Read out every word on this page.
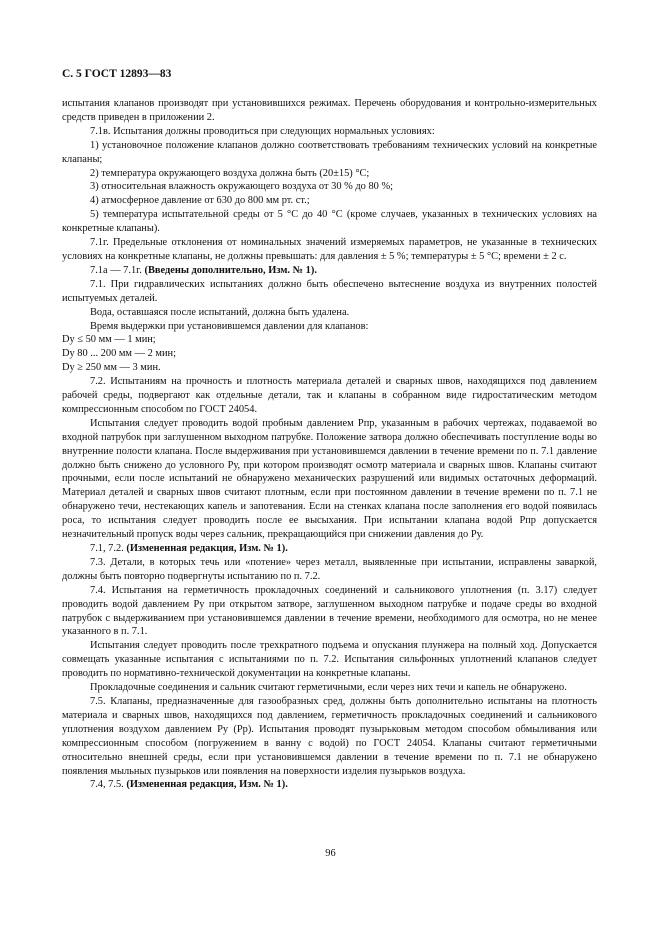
С. 5 ГОСТ 12893—83

испытания клапанов производят при установившихся режимах. Перечень оборудования и контрольно-измерительных средств приведен в приложении 2.

7.1в. Испытания должны проводиться при следующих нормальных условиях:

1) установочное положение клапанов должно соответствовать требованиям технических условий на конкретные клапаны;

2) температура окружающего воздуха должна быть (20±15) °С;

3) относительная влажность окружающего воздуха от 30 % до 80 %;

4) атмосферное давление от 630 до 800 мм рт. ст.;

5) температура испытательной среды от 5 °С до 40 °С (кроме случаев, указанных в технических условиях на конкретные клапаны).

7.1г. Предельные отклонения от номинальных значений измеряемых параметров, не указанные в технических условиях на конкретные клапаны, не должны превышать: для давления ± 5 %; температуры ± 5 °С; времени ± 2 с.

7.1а — 7.1г. (Введены дополнительно, Изм. № 1).

7.1. При гидравлических испытаниях должно быть обеспечено вытеснение воздуха из внутренних полостей испытуемых деталей.

Вода, оставшаяся после испытаний, должна быть удалена.

Время выдержки при установившемся давлении для клапанов:

Dу ≤ 50 мм — 1 мин;

Dу 80 ... 200 мм — 2 мин;

Dу ≥ 250 мм — 3 мин.

7.2. Испытаниям на прочность и плотность материала деталей и сварных швов, находящихся под давлением рабочей среды, подвергают как отдельные детали, так и клапаны в собранном виде гидростатическим методом компрессионным способом по ГОСТ 24054.

Испытания следует проводить водой пробным давлением Рпр, указанным в рабочих чертежах, подаваемой во входной патрубок при заглушенном выходном патрубке. Положение затвора должно обеспечивать поступление воды во внутренние полости клапана. После выдерживания при установившемся давлении в течение времени по п. 7.1 давление должно быть снижено до условного Ру, при котором производят осмотр материала и сварных швов. Клапаны считают прочными, если после испытаний не обнаружено механических разрушений или видимых остаточных деформаций. Материал деталей и сварных швов считают плотным, если при постоянном давлении в течение времени по п. 7.1 не обнаружено течи, нестекающих капель и запотевания. Если на стенках клапана после заполнения его водой появилась роса, то испытания следует проводить после ее высыхания. При испытании клапана водой Рпр допускается незначительный пропуск воды через сальник, прекращающийся при снижении давления до Ру.

7.1, 7.2. (Измененная редакция, Изм. № 1).

7.3. Детали, в которых течь или «потение» через металл, выявленные при испытании, исправлены заваркой, должны быть повторно подвергнуты испытанию по п. 7.2.

7.4. Испытания на герметичность прокладочных соединений и сальникового уплотнения (п. 3.17) следует проводить водой давлением Ру при открытом затворе, заглушенном выходном патрубке и подаче среды во входной патрубок с выдерживанием при установившемся давлении в течение времени, необходимого для осмотра, но не менее указанного в п. 7.1.

Испытания следует проводить после трехкратного подъема и опускания плунжера на полный ход. Допускается совмещать указанные испытания с испытаниями по п. 7.2. Испытания сильфонных уплотнений клапанов следует проводить по нормативно-технической документации на конкретные клапаны.

Прокладочные соединения и сальник считают герметичными, если через них течи и капель не обнаружено.

7.5. Клапаны, предназначенные для газообразных сред, должны быть дополнительно испытаны на плотность материала и сварных швов, находящихся под давлением, герметичность прокладочных соединений и сальникового уплотнения воздухом давлением Ру (Рр). Испытания проводят пузырьковым методом способом обмыливания или компрессионным способом (погружением в ванну с водой) по ГОСТ 24054. Клапаны считают герметичными относительно внешней среды, если при установившемся давлении в течение времени по п. 7.1 не обнаружено появления мыльных пузырьков или появления на поверхности изделия пузырьков воздуха.

7.4, 7.5. (Измененная редакция, Изм. № 1).

96
